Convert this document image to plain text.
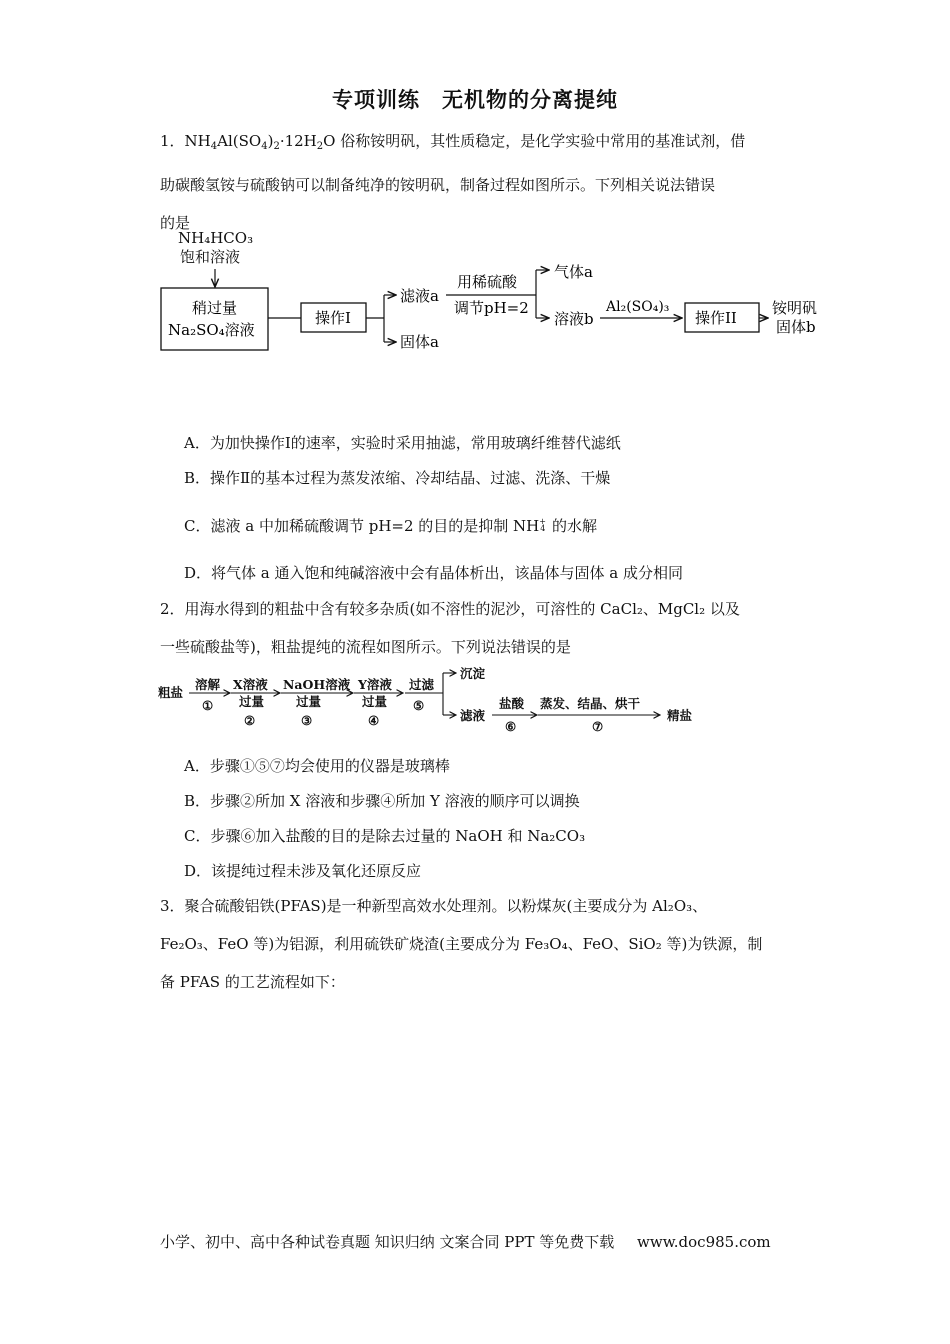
专项训练　无机物的分离提纯
1．$NH_4Al(SO_4)_2\cdot 12H_2O$ 俗称铵明矾，其性质稳定，是化学实验中常用的基准试剂，借
助碳酸氢铵与硫酸钠可以制备纯净的铵明矾，制备过程如图所示。下列相关说法错误
的是
NH₄HCO₃
饱和溶液
稍过量
Na₂SO₄溶液
操作I
滤液a
固体a
用稀硫酸
调节pH=2
气体a
溶液b
Al₂(SO₄)₃
操作II
铵明矾
固体b
A．为加快操作Ⅰ的速率，实验时采用抽滤，常用玻璃纤维替代滤纸
B．操作Ⅱ的基本过程为蒸发浓缩、冷却结晶、过滤、洗涤、干燥
C．滤液 a 中加稀硫酸调节 pH=2 的目的是抑制 NH +
4 的水解
D．将气体 a 通入饱和纯碱溶液中会有晶体析出，该晶体与固体 a 成分相同
2．用海水得到的粗盐中含有较多杂质(如不溶性的泥沙，可溶性的 CaCl₂、MgCl₂ 以及
一些硫酸盐等)，粗盐提纯的流程如图所示。下列说法错误的是
粗盐
溶解
①
X溶液
过量
②
NaOH溶液
过量
③
Y溶液
过量
④
过滤
⑤
沉淀
滤液
盐酸
⑥
蒸发、结晶、烘干
⑦
精盐
A．步骤①⑤⑦均会使用的仪器是玻璃棒
B．步骤②所加 X 溶液和步骤④所加 Y 溶液的顺序可以调换
C．步骤⑥加入盐酸的目的是除去过量的 NaOH 和 Na₂CO₃
D．该提纯过程未涉及氧化还原反应
3．聚合硫酸铝铁(PFAS)是一种新型高效水处理剂。以粉煤灰(主要成分为 Al₂O₃、
Fe₂O₃、FeO 等)为铝源，利用硫铁矿烧渣(主要成分为 Fe₃O₄、FeO、SiO₂ 等)为铁源，制
备 PFAS 的工艺流程如下：
小学、初中、高中各种试卷真题 知识归纳 文案合同 PPT 等免费下载 www.doc985.com
